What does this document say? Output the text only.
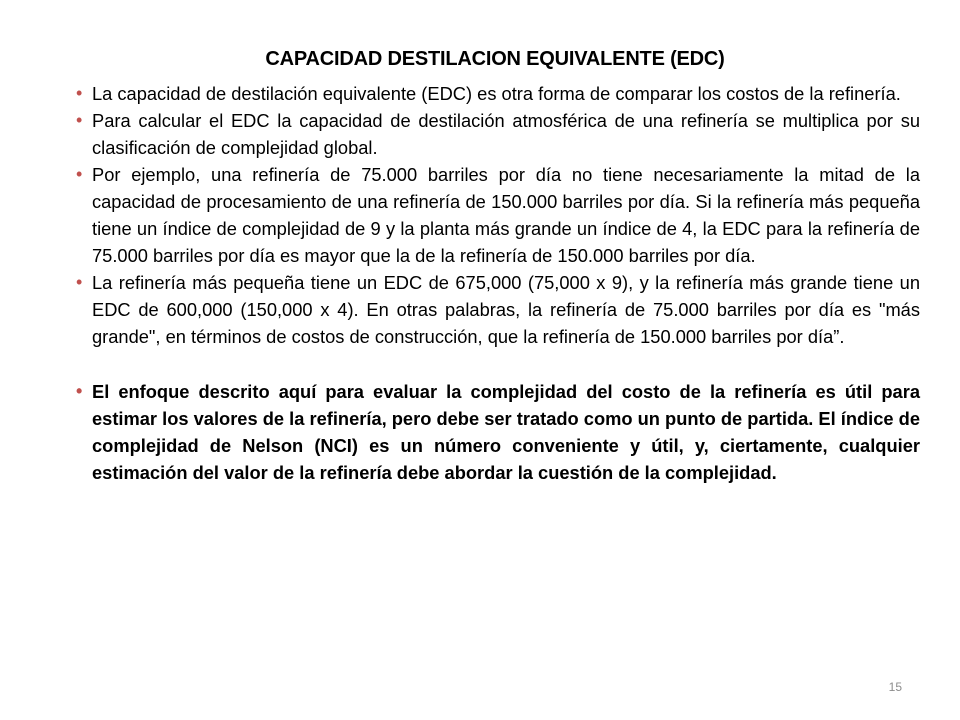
CAPACIDAD DESTILACION EQUIVALENTE (EDC)
• La capacidad de destilación equivalente (EDC) es otra forma de comparar los costos de la refinería.
• Para calcular el EDC la capacidad de destilación atmosférica de una refinería se multiplica por su clasificación de complejidad global.
• Por ejemplo, una refinería de 75.000 barriles por día no tiene necesariamente la mitad de la capacidad de procesamiento de una refinería de 150.000 barriles por día. Si la refinería más pequeña tiene un índice de complejidad de 9 y la planta más grande un índice de 4, la EDC para la refinería de 75.000 barriles por día es mayor que la de la refinería de 150.000 barriles por día.
• La refinería más pequeña tiene un EDC de 675,000 (75,000 x 9), y la refinería más grande tiene un EDC de 600,000 (150,000 x 4). En otras palabras, la refinería de 75.000 barriles por día es "más grande", en términos de costos de construcción, que la refinería de 150.000 barriles por día”.
• El enfoque descrito aquí para evaluar la complejidad del costo de la refinería es útil para estimar los valores de la refinería, pero debe ser tratado como un punto de partida. El índice de complejidad de Nelson (NCI) es un número conveniente y útil, y, ciertamente, cualquier estimación del valor de la refinería debe abordar la cuestión de la complejidad.
15
